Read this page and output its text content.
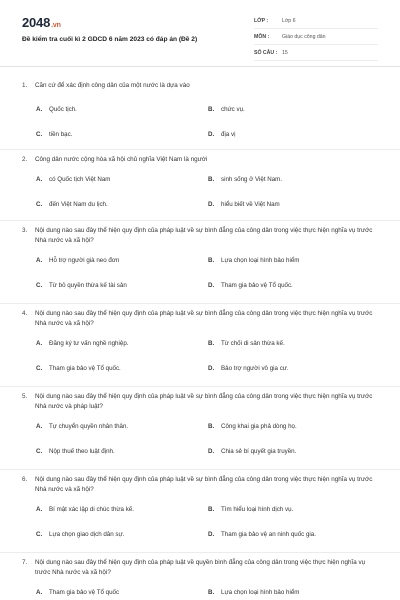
2048.vn
Đề kiểm tra cuối kì 2 GDCD 6 năm 2023 có đáp án (Đề 2)
LỚP :	Lớp 6
MÔN :	Giáo dục công dân
SỐ CÂU : 15
1.	Căn cứ để xác định công dân của một nước là dựa vào
A.	Quốc tịch.	B.	chức vụ.
C.	tiền bạc.	D.	địa vị
2.	Công dân nước cộng hòa xã hội chủ nghĩa Việt Nam là người
A.	có Quốc tịch Việt Nam	B.	sinh sống ở Việt Nam.
C.	đến Việt Nam du lịch.	D.	hiểu biết về Việt Nam
3.	Nội dung nào sau đây thể hiện quy định của pháp luật về sự bình đẳng của công dân trong việc thực hiện nghĩa vụ trước Nhà nước và xã hội?
A.	Hỗ trợ người già neo đơn	B.	Lựa chọn loại hình bảo hiểm
C.	Từ bỏ quyền thừa kế tài sản	D.	Tham gia bảo vệ Tổ quốc.
4.	Nội dung nào sau đây thể hiện quy định của pháp luật về sự bình đẳng của công dân trong việc thực hiện nghĩa vụ trước Nhà nước và xã hội?
A.	Đăng ký tư vấn nghề nghiệp.	B.	Từ chối di sản thừa kế.
C.	Tham gia bảo vệ Tổ quốc.	D.	Bảo trợ người vô gia cư.
5.	Nội dung nào sau đây thể hiện quy định của pháp luật về sự bình đẳng của công dân trong việc thực hiện nghĩa vụ trước Nhà nước và pháp luật?
A.	Tự chuyển quyền nhân thân.	B.	Công khai gia phả dòng họ.
C.	Nộp thuế theo luật định.	D.	Chia sẻ bí quyết gia truyền.
6.	Nội dung nào sau đây thể hiện quy định của pháp luật về sự bình đẳng của công dân trong việc thực hiện nghĩa vụ trước Nhà nước và xã hội?
A.	Bí mật xác lập di chúc thừa kế.	B.	Tìm hiểu loại hình dịch vụ.
C.	Lựa chọn giao dịch dân sự.	D.	Tham gia bảo vệ an ninh quốc gia.
7.	Nội dung nào sau đây thể hiện quy định của pháp luật về quyền bình đẳng của công dân trong việc thực hiện nghĩa vụ trước Nhà nước và xã hội?
A.	Tham gia bảo vệ Tổ quốc	B.	Lựa chọn loại hình bảo hiểm
